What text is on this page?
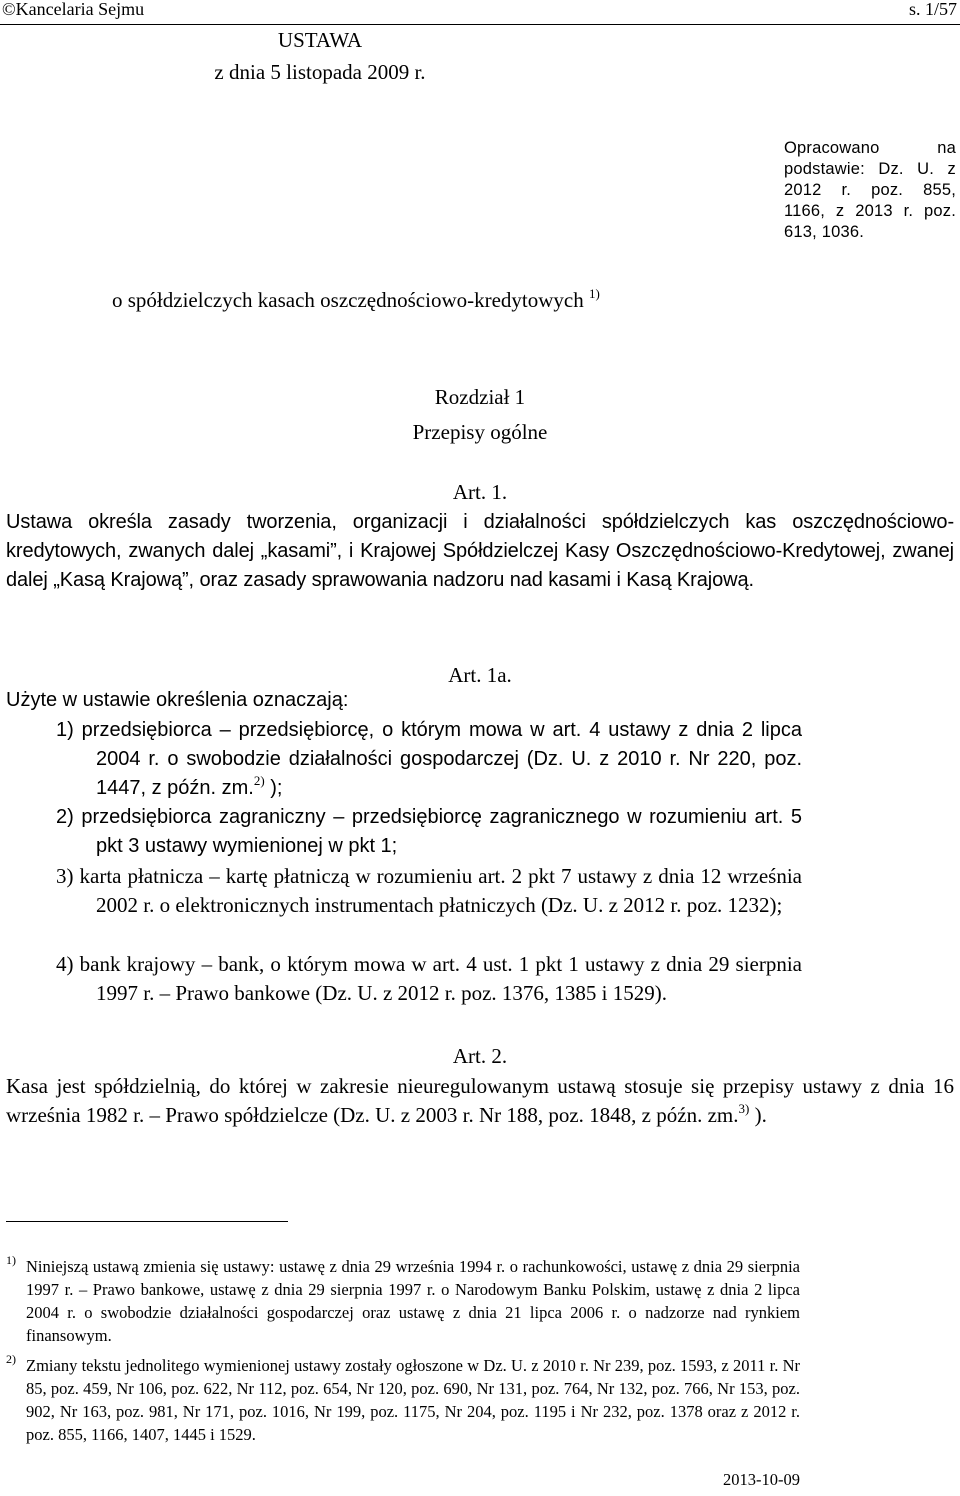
©Kancelaria Sejmu	s. 1/57
USTAWA
z dnia 5 listopada 2009 r.
Opracowano na
podstawie: Dz. U. z
2012 r. poz. 855,
1166, z 2013 r. poz.
613, 1036.
o spółdzielczych kasach oszczędnościowo-kredytowych $^{1)}$
Rozdział 1
Przepisy ogólne
Art. 1.
Ustawa określa zasady tworzenia, organizacji i działalności spółdzielczych kas oszczędnościowo-kredytowych, zwanych dalej „kasami”, i Krajowej Spółdzielczej Kasy Oszczędnościowo-Kredytowej, zwanej dalej „Kasą Krajową”, oraz zasady sprawowania nadzoru nad kasami i Kasą Krajową.
Art. 1a.
Użyte w ustawie określenia oznaczają:
1) przedsiębiorca – przedsiębiorcę, o którym mowa w art. 4 ustawy z dnia 2 lipca 2004 r. o swobodzie działalności gospodarczej (Dz. U. z 2010 r. Nr 220, poz. 1447, z późn. zm.$^{2)}$ );
2) przedsiębiorca zagraniczny – przedsiębiorcę zagranicznego w rozumieniu art. 5 pkt 3 ustawy wymienionej w pkt 1;
3) karta płatnicza – kartę płatniczą w rozumieniu art. 2 pkt 7 ustawy z dnia 12 września 2002 r. o elektronicznych instrumentach płatniczych (Dz. U. z 2012 r. poz. 1232);
4) bank krajowy – bank, o którym mowa w art. 4 ust. 1 pkt 1 ustawy z dnia 29 sierpnia 1997 r. – Prawo bankowe (Dz. U. z 2012 r. poz. 1376, 1385 i 1529).
Art. 2.
Kasa jest spółdzielnią, do której w zakresie nieuregulowanym ustawą stosuje się przepisy ustawy z dnia 16 września 1982 r. – Prawo spółdzielcze (Dz. U. z 2003 r. Nr 188, poz. 1848, z późn. zm.$^{3)}$ ).
1) Niniejszą ustawą zmienia się ustawy: ustawę z dnia 29 września 1994 r. o rachunkowości, ustawę z dnia 29 sierpnia 1997 r. – Prawo bankowe, ustawę z dnia 29 sierpnia 1997 r. o Narodowym Banku Polskim, ustawę z dnia 2 lipca 2004 r. o swobodzie działalności gospodarczej oraz ustawę z dnia 21 lipca 2006 r. o nadzorze nad rynkiem finansowym.
2) Zmiany tekstu jednolitego wymienionej ustawy zostały ogłoszone w Dz. U. z 2010 r. Nr 239, poz. 1593, z 2011 r. Nr 85, poz. 459, Nr 106, poz. 622, Nr 112, poz. 654, Nr 120, poz. 690, Nr 131, poz. 764, Nr 132, poz. 766, Nr 153, poz. 902, Nr 163, poz. 981, Nr 171, poz. 1016, Nr 199, poz. 1175, Nr 204, poz. 1195 i Nr 232, poz. 1378 oraz z 2012 r. poz. 855, 1166, 1407, 1445 i 1529.
2013-10-09
